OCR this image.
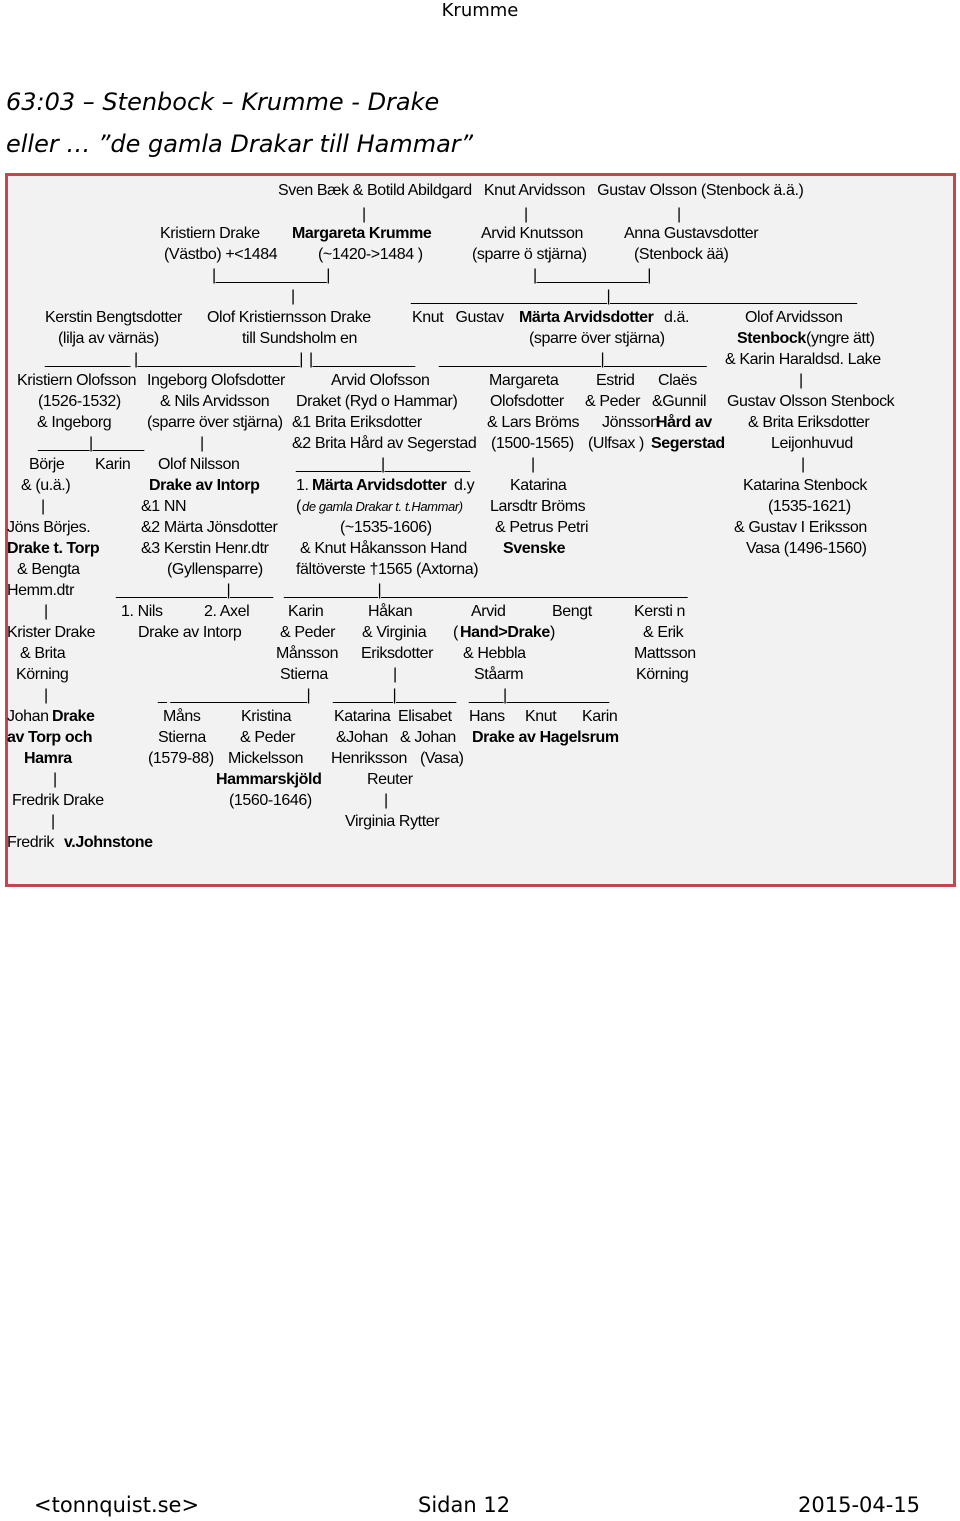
Krumme
63:03 – Stenbock – Krumme - Drake
eller … ”de gamla Drakar till Hammar”
Sven Bæk & Botild Abildgard   Knut Arvidsson   Gustav Olsson (Stenbock ä.ä.)
|	|	|
Kristiern Drake Margareta Krumme	Arvid Knutsson	Anna Gustavsdotter
(Västbo) +<1484	(~1420->1484 )	(sparre ö stjärna)	(Stenbock ää)
|_____________|	|_____________|
|	_______________________|_____________________________
Kerstin Bengtsdotter Olof Kristiernsson Drake	Knut   Gustav Märta Arvidsdotter d.ä.	Olof Arvidsson
(lilja av värnäs)	till Sundsholm en	(sparre över stjärna)	Stenbock
(yngre ätt)
__________ |___________________| |____________ ___________________|____________ & Karin Haraldsd. Lake
Kristiern Olofsson Ingeborg Olofsdotter	Arvid Olofsson	Margareta Estrid Claës	|
(1526-1532) & Nils Arvidsson Draket (Ryd o Hammar) Olofsdotter & Peder &Gunnil Gustav Olsson Stenbock
& Ingeborg (sparre över stjärna) &1 Brita Eriksdotter	& Lars Bröms Jönsson
Hård av & Brita Eriksdotter
______|______	|	&2 Brita Hård av Segerstad (1500-1565) (Ulfsax ) Segerstad	Leijonhuvud
Börje Karin Olof Nilsson	__________|__________	|	|
& (u.ä.)	Drake av Intorp 1. Märta Arvidsdotter d.y Katarina	Katarina Stenbock
|	&1 NN	( de gamla Drakar t. t.Hammar) Larsdtr Bröms	(1535-1621)
Jöns Börjes.	&2 Märta Jönsdotter	(~1535-1606)	& Petrus Petri	& Gustav I Eriksson
Drake t. Torp	&3 Kerstin Henr.dtr & Knut Håkansson Hand Svenske	Vasa (1496-1560)
& Bengta	(Gyllensparre) fältöverste †1565 (Axtorna)
Hemm.dtr	_____________|_____ ___________|____________________________________
|	1. Nils	2. Axel Karin	Håkan	Arvid	Bengt	Kersti n
Krister Drake	Drake av Intorp & Peder & Virginia ( Hand>Drake )	& Erik
& Brita	Månsson Eriksdotter & Hebbla	Mattsson
Körning	Stierna	|	Ståarm	Körning
|	_ ________________| _______|_______ ____|____________
Johan Drake	Måns	Kristina	Katarina Elisabet Hans Knut Karin
av Torp och	Stierna & Peder	&Johan & Johan Drake av Hagelsrum
Hamra	(1579-88) Mickelsson Henriksson (Vasa)
|	Hammarskjöld	Reuter
Fredrik Drake	(1560-1646)	|
|	Virginia Rytter
Fredrik v.Johnstone
<tonnquist.se>	Sidan 12	2015-04-15
